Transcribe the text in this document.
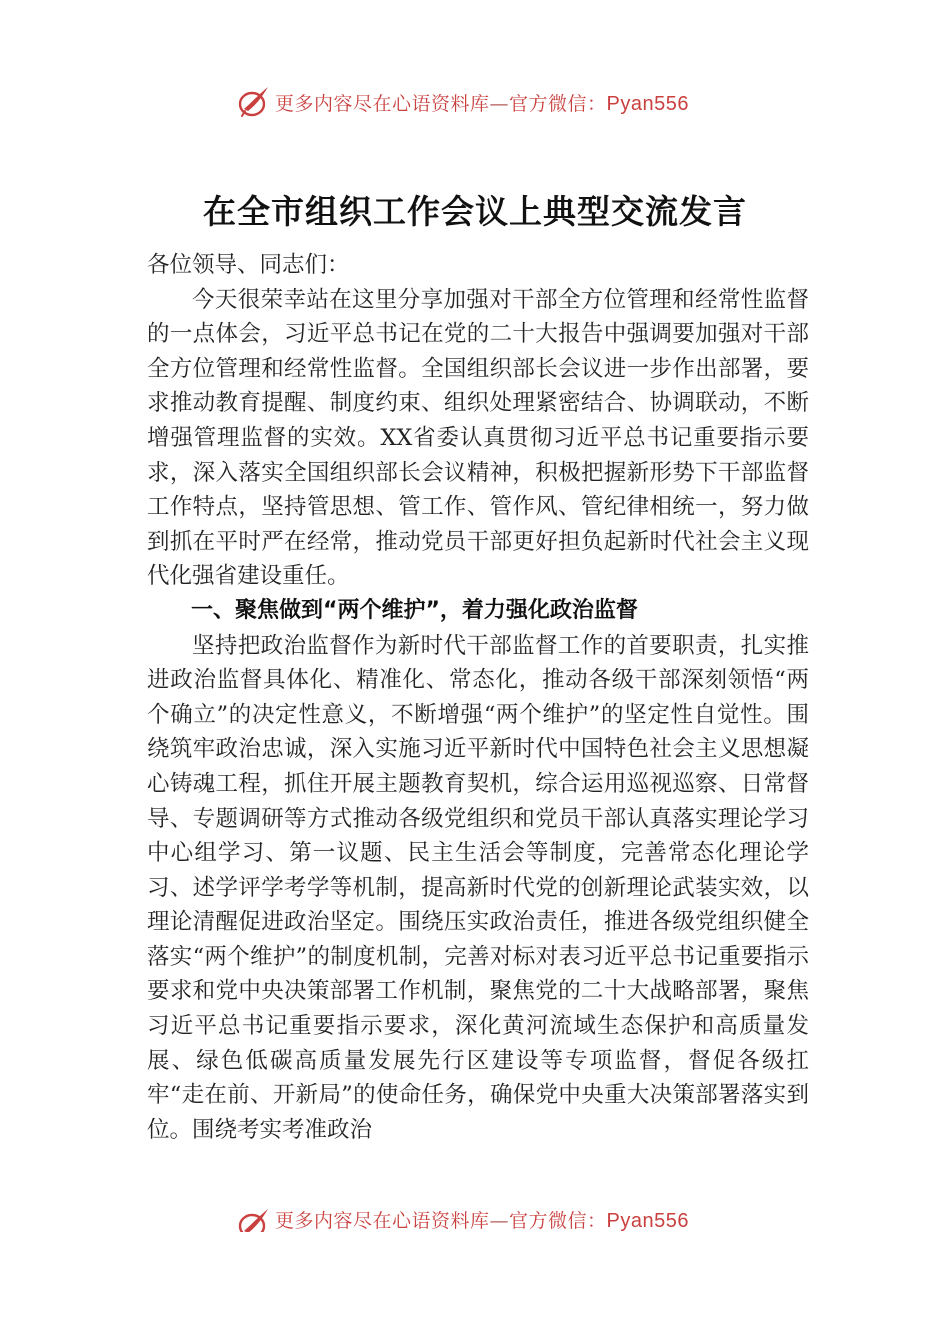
更多内容尽在心语资料库—官方微信：Pyan556
在全市组织工作会议上典型交流发言

各位领导、同志们：

今天很荣幸站在这里分享加强对干部全方位管理和经常性监督的一点体会，习近平总书记在党的二十大报告中强调要加强对干部全方位管理和经常性监督。全国组织部长会议进一步作出部署，要求推动教育提醒、制度约束、组织处理紧密结合、协调联动，不断增强管理监督的实效。XX省委认真贯彻习近平总书记重要指示要求，深入落实全国组织部长会议精神，积极把握新形势下干部监督工作特点，坚持管思想、管工作、管作风、管纪律相统一，努力做到抓在平时严在经常，推动党员干部更好担负起新时代社会主义现代化强省建设重任。

一、聚焦做到“两个维护”，着力强化政治监督

坚持把政治监督作为新时代干部监督工作的首要职责，扎实推进政治监督具体化、精准化、常态化，推动各级干部深刻领悟“两个确立”的决定性意义，不断增强“两个维护”的坚定性自觉性。围绕筑牢政治忠诚，深入实施习近平新时代中国特色社会主义思想凝心铸魂工程，抓住开展主题教育契机，综合运用巡视巡察、日常督导、专题调研等方式推动各级党组织和党员干部认真落实理论学习中心组学习、第一议题、民主生活会等制度，完善常态化理论学习、述学评学考学等机制，提高新时代党的创新理论武装实效，以理论清醒促进政治坚定。围绕压实政治责任，推进各级党组织健全落实“两个维护”的制度机制，完善对标对表习近平总书记重要指示要求和党中央决策部署工作机制，聚焦党的二十大战略部署，聚焦习近平总书记重要指示要求，深化黄河流域生态保护和高质量发展、绿色低碳高质量发展先行区建设等专项监督，督促各级扛牢“走在前、开新局”的使命任务，确保党中央重大决策部署落实到位。围绕考实考准政治

更多内容尽在心语资料库—官方微信：Pyan556
